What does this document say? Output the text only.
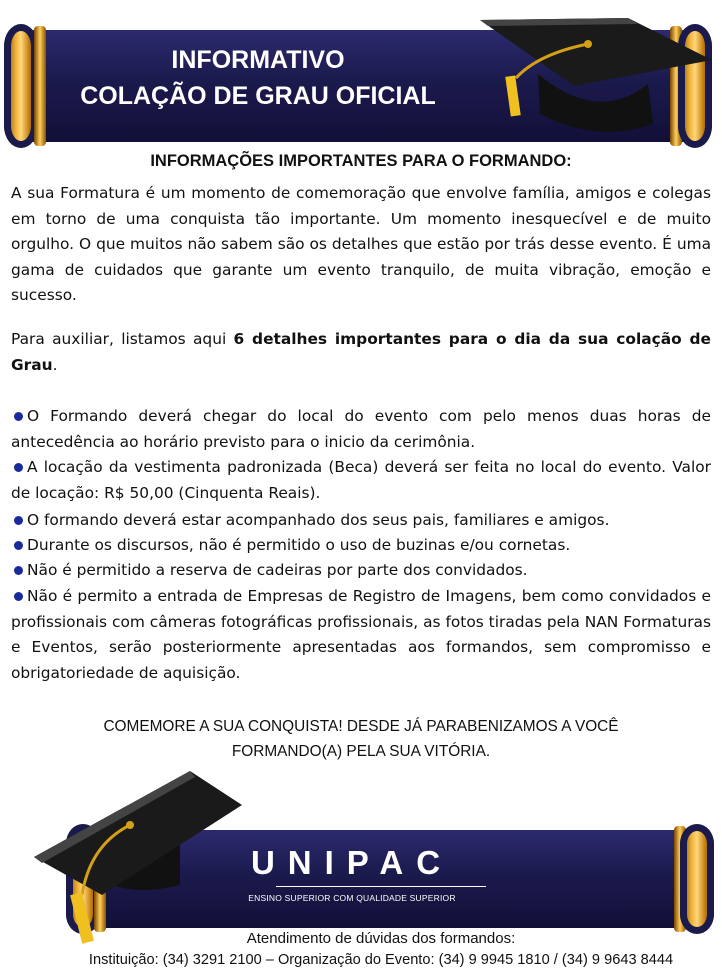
INFORMATIVO
COLAÇÃO DE GRAU OFICIAL
INFORMAÇÕES IMPORTANTES PARA O FORMANDO:
A sua Formatura é um momento de comemoração que envolve família, amigos e colegas em torno de uma conquista tão importante. Um momento inesquecível e de muito orgulho. O que muitos não sabem são os detalhes que estão por trás desse evento. É uma gama de cuidados que garante um evento tranquilo, de muita vibração, emoção e sucesso.
Para auxiliar, listamos aqui 6 detalhes importantes para o dia da sua colação de Grau.
O Formando deverá chegar do local do evento com pelo menos duas horas de antecedência ao horário previsto para o inicio da cerimônia.
A locação da vestimenta padronizada (Beca) deverá ser feita no local do evento. Valor de locação: R$ 50,00 (Cinquenta Reais).
O formando deverá estar acompanhado dos seus pais, familiares e amigos.
Durante os discursos, não é permitido o uso de buzinas e/ou cornetas.
Não é permitido a reserva de cadeiras por parte dos convidados.
Não é permito a entrada de Empresas de Registro de Imagens, bem como convidados e profissionais com câmeras fotográficas profissionais, as fotos tiradas pela NAN Formaturas e Eventos, serão posteriormente apresentadas aos formandos, sem compromisso e obrigatoriedade de aquisição.
COMEMORE A SUA CONQUISTA! DESDE JÁ PARABENIZAMOS A VOCÊ
FORMANDO(A) PELA SUA VITÓRIA.
UNIPAC
ENSINO SUPERIOR COM QUALIDADE SUPERIOR
Atendimento de dúvidas dos formandos:
Instituição: (34) 3291 2100 – Organização do Evento: (34) 9 9945 1810 / (34) 9 9643 8444
